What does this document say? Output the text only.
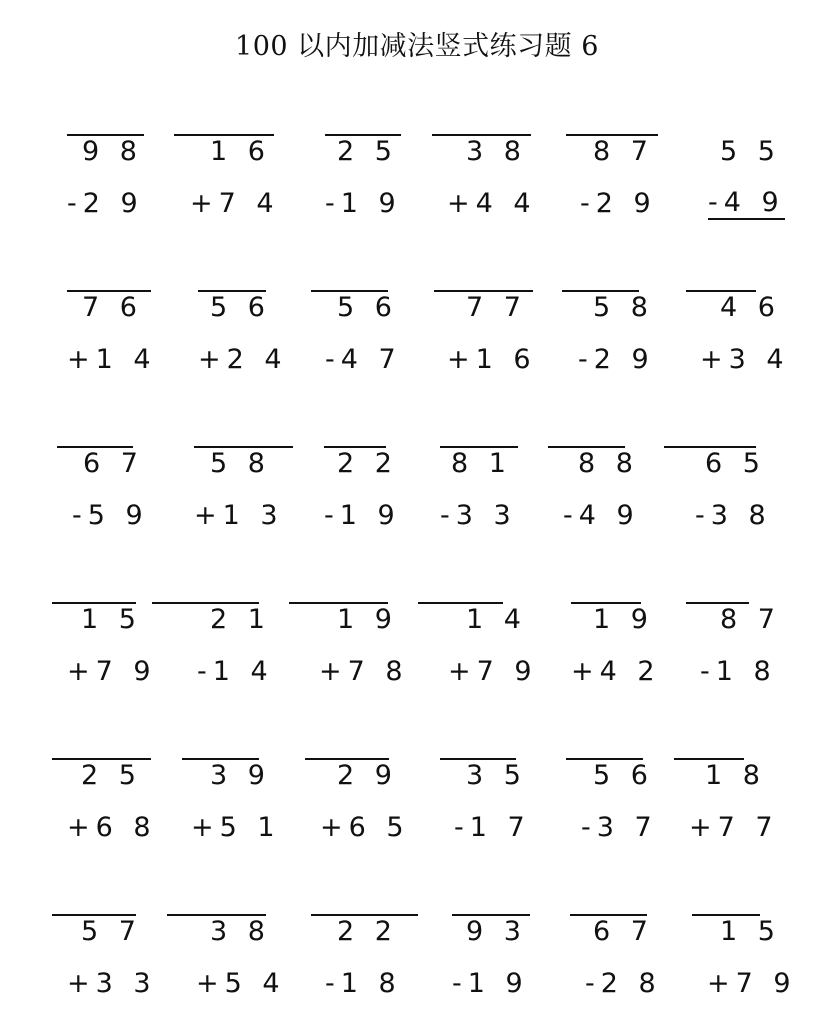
100 以内加减法竖式练习题 6
9 8
-2 9
1 6
+7 4
2 5
-1 9
3 8
+4 4
8 7
-2 9
5 5
-4 9
7 6
+1 4
5 6
+2 4
5 6
-4 7
7 7
+1 6
5 8
-2 9
4 6
+3 4
6 7
-5 9
5 8
+1 3
2 2
-1 9
8 1
-3 3
8 8
-4 9
6 5
-3 8
1 5
+7 9
2 1
-1 4
1 9
+7 8
1 4
+7 9
1 9
+4 2
8 7
-1 8
2 5
+6 8
3 9
+5 1
2 9
+6 5
3 5
-1 7
5 6
-3 7
1 8
+7 7
5 7
+3 3
3 8
+5 4
2 2
-1 8
9 3
-1 9
6 7
-2 8
1 5
+7 9
